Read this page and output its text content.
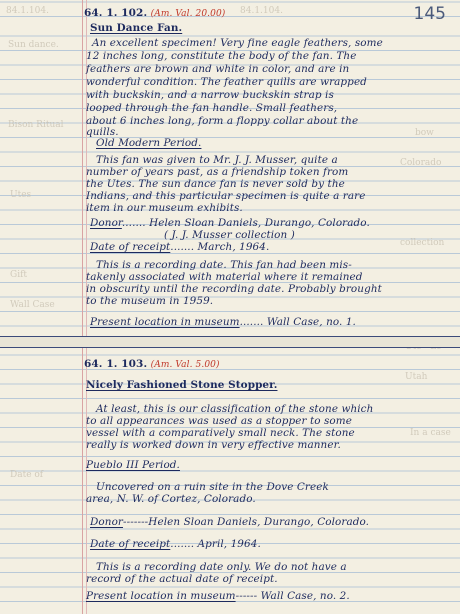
84.1.104.	84.1.104.
Sun dance.
Bison Ritual
bow
Colorado
Utes
Gift
collection
Wall Case
Utah
Date of
In a case
145
64. 1. 102. (Am. Val. 20.00)
Sun Dance Fan.
An excellent specimen! Very fine eagle feathers, some
12 inches long, constitute the body of the fan. The
feathers are brown and white in color, and are in
wonderful condition. The feather quills are wrapped
with buckskin, and a narrow buckskin strap is
looped through the fan handle. Small feathers,
about 6 inches long, form a floppy collar about the
quills.
Old Modern Period.
This fan was given to Mr. J. J. Musser, quite a
number of years past, as a friendship token from
the Utes. The sun dance fan is never sold by the
Indians, and this particular specimen is quite a rare
item in our museum exhibits.
Donor....... Helen Sloan Daniels, Durango, Colorado.
( J. J. Musser collection )
Date of receipt....... March, 1964.
This is a recording date. This fan had been mis-
takenly associated with material where it remained
in obscurity until the recording date. Probably brought
to the museum in 1959.
Present location in museum....... Wall Case, no. 1.
64. 1. 103. (Am. Val. 5.00)
Nicely Fashioned Stone Stopper.
At least, this is our classification of the stone which
to all appearances was used as a stopper to some
vessel with a comparatively small neck. The stone
really is worked down in very effective manner.
Pueblo III Period.
Uncovered on a ruin site in the Dove Creek
area, N. W. of Cortez, Colorado.
Donor-------Helen Sloan Daniels, Durango, Colorado.
Date of receipt....... April, 1964.
This is a recording date only. We do not have a
record of the actual date of receipt.
Present location in museum------ Wall Case, no. 2.
